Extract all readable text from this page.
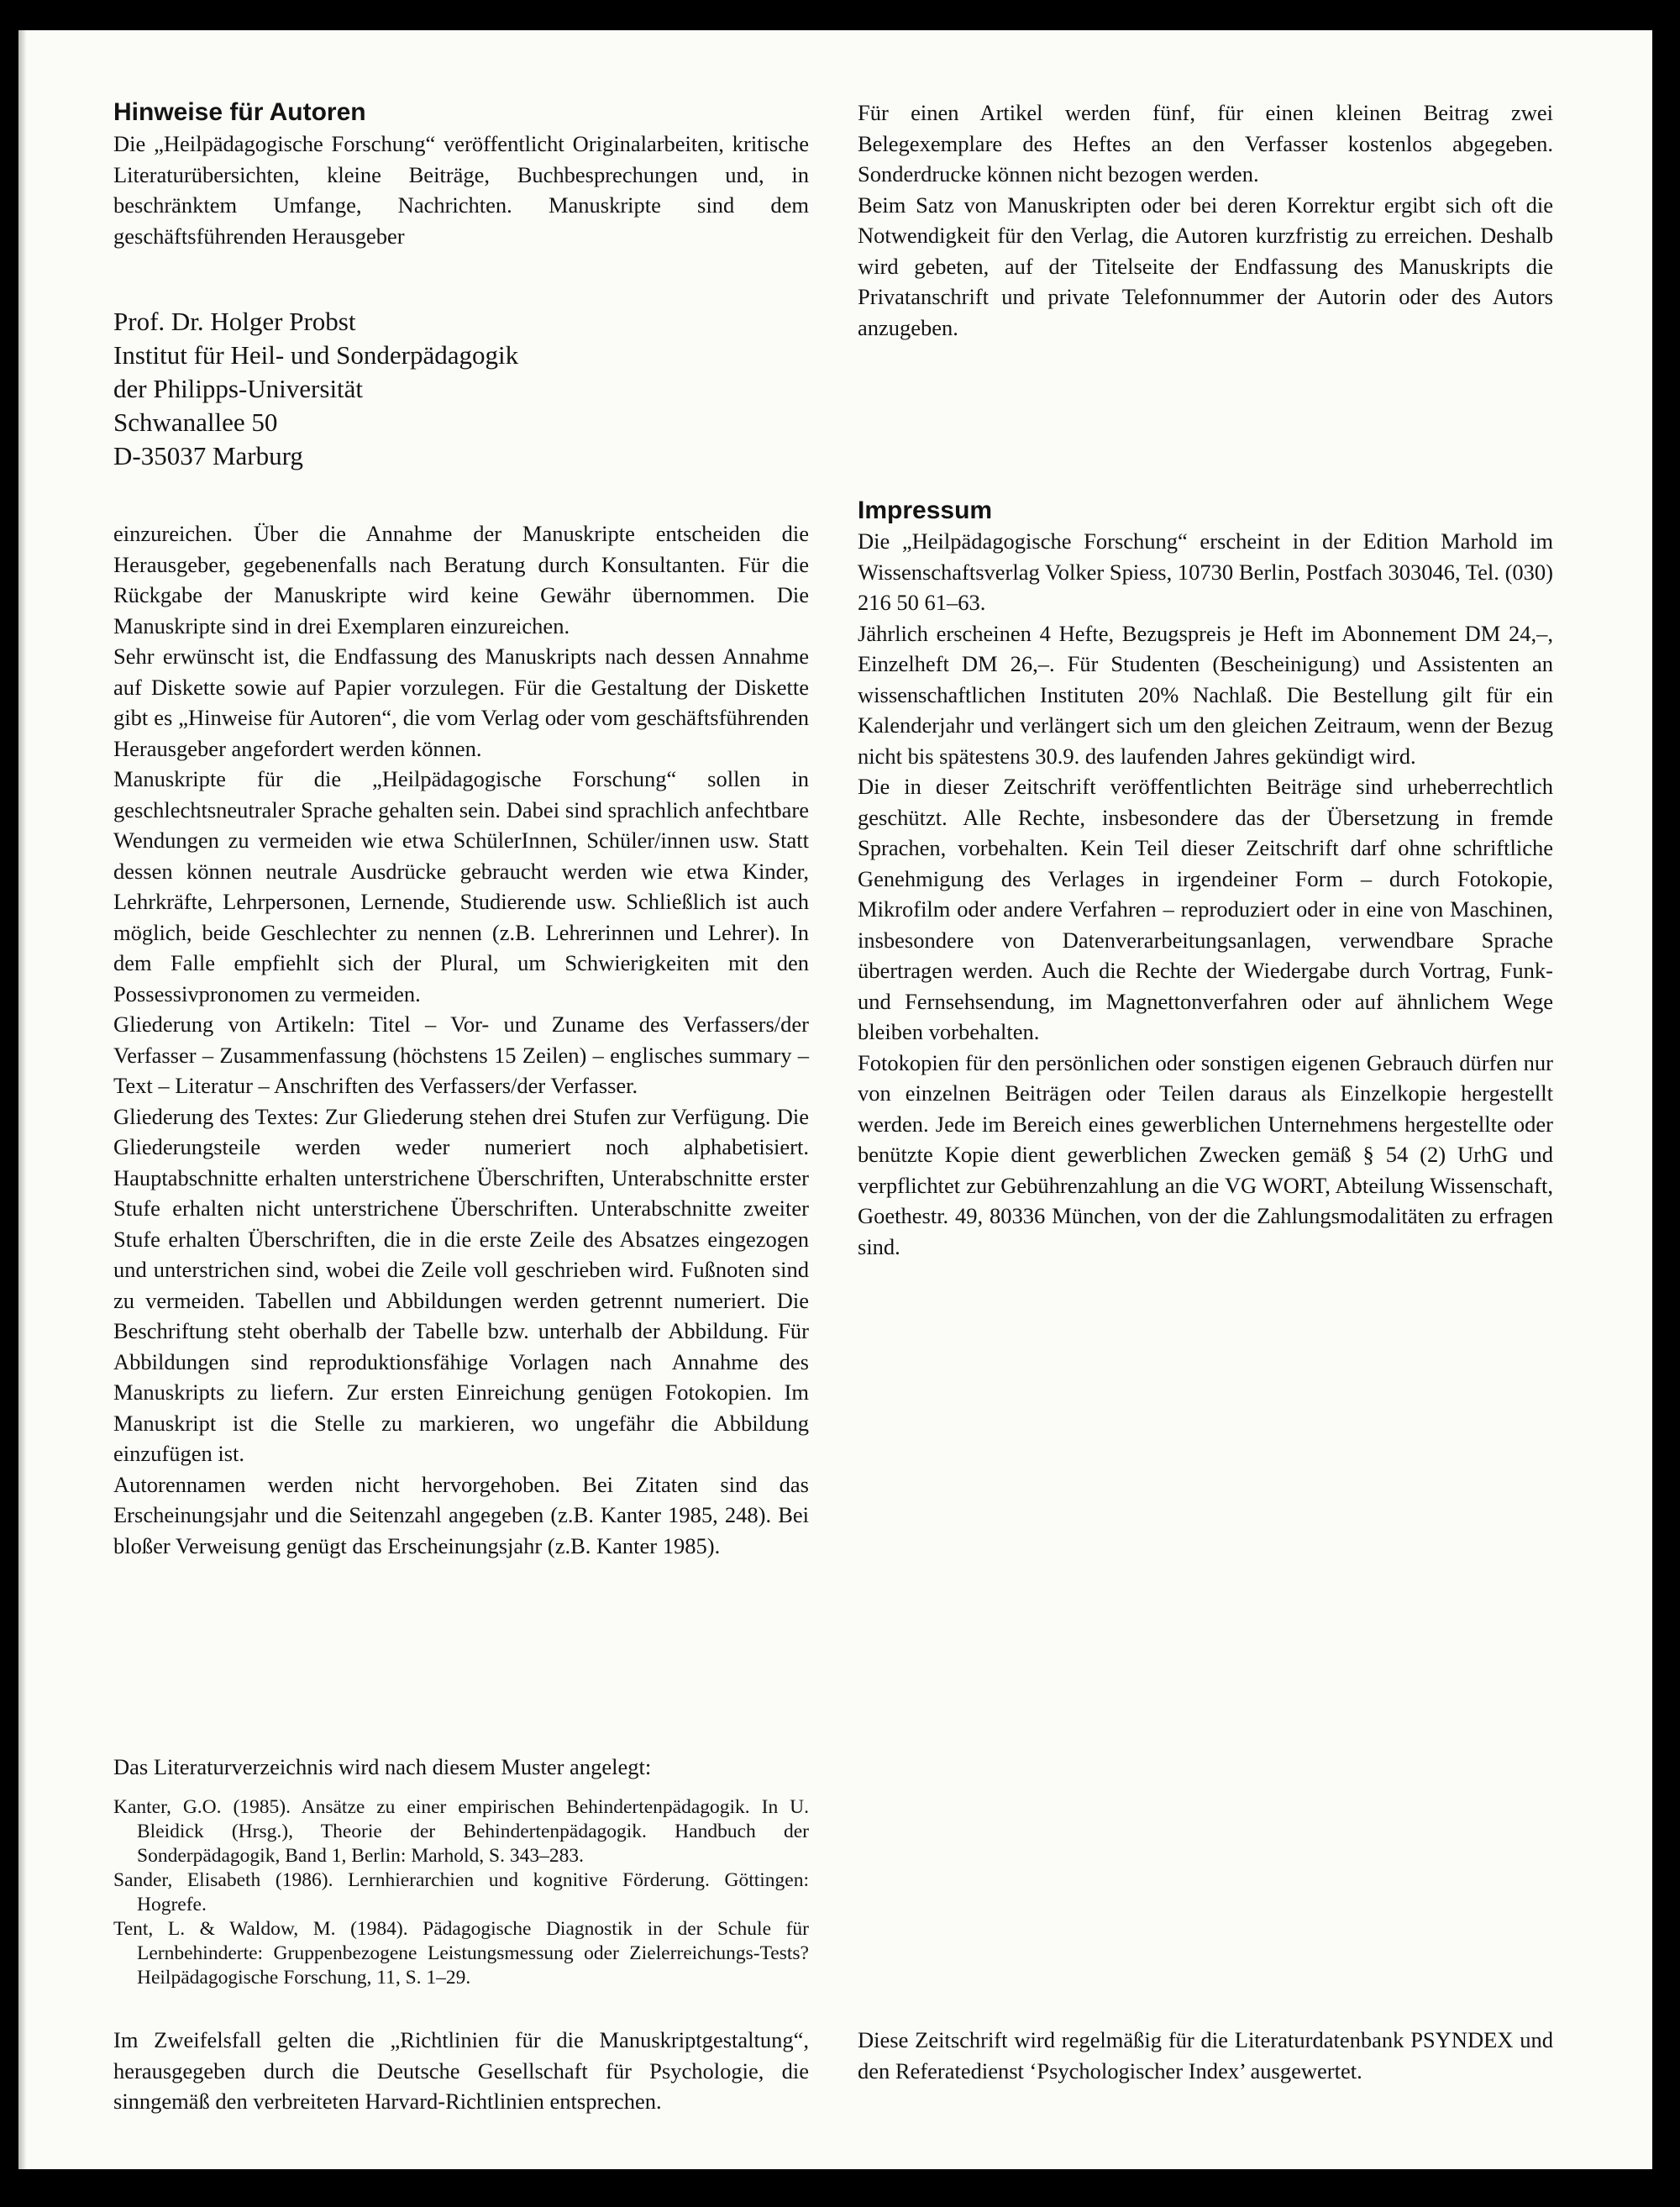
Hinweise für Autoren

Die „Heilpädagogische Forschung“ veröffentlicht Originalarbeiten, kritische Literaturübersichten, kleine Beiträge, Buchbesprechungen und, in beschränktem Umfange, Nachrichten. Manuskripte sind dem geschäftsführenden Herausgeber

Prof. Dr. Holger Probst
Institut für Heil- und Sonderpädagogik
der Philipps-Universität
Schwanallee 50
D-35037 Marburg

einzureichen. Über die Annahme der Manuskripte entscheiden die Herausgeber, gegebenenfalls nach Beratung durch Konsultanten. Für die Rückgabe der Manuskripte wird keine Gewähr übernommen. Die Manuskripte sind in drei Exemplaren einzureichen.

Sehr erwünscht ist, die Endfassung des Manuskripts nach dessen Annahme auf Diskette sowie auf Papier vorzulegen. Für die Gestaltung der Diskette gibt es „Hinweise für Autoren“, die vom Verlag oder vom geschäftsführenden Herausgeber angefordert werden können.

Manuskripte für die „Heilpädagogische Forschung“ sollen in geschlechtsneutraler Sprache gehalten sein. Dabei sind sprachlich anfechtbare Wendungen zu vermeiden wie etwa SchülerInnen, Schüler/innen usw. Statt dessen können neutrale Ausdrücke gebraucht werden wie etwa Kinder, Lehrkräfte, Lehrpersonen, Lernende, Studierende usw. Schließlich ist auch möglich, beide Geschlechter zu nennen (z.B. Lehrerinnen und Lehrer). In dem Falle empfiehlt sich der Plural, um Schwierigkeiten mit den Possessivpronomen zu vermeiden.

Gliederung von Artikeln: Titel – Vor- und Zuname des Verfassers/der Verfasser – Zusammenfassung (höchstens 15 Zeilen) – englisches summary – Text – Literatur – Anschriften des Verfassers/der Verfasser.

Gliederung des Textes: Zur Gliederung stehen drei Stufen zur Verfügung. Die Gliederungsteile werden weder numeriert noch alphabetisiert. Hauptabschnitte erhalten unterstrichene Überschriften, Unterabschnitte erster Stufe erhalten nicht unterstrichene Überschriften. Unterabschnitte zweiter Stufe erhalten Überschriften, die in die erste Zeile des Absatzes eingezogen und unterstrichen sind, wobei die Zeile voll geschrieben wird. Fußnoten sind zu vermeiden. Tabellen und Abbildungen werden getrennt numeriert. Die Beschriftung steht oberhalb der Tabelle bzw. unterhalb der Abbildung. Für Abbildungen sind reproduktionsfähige Vorlagen nach Annahme des Manuskripts zu liefern. Zur ersten Einreichung genügen Fotokopien. Im Manuskript ist die Stelle zu markieren, wo ungefähr die Abbildung einzufügen ist.

Autorennamen werden nicht hervorgehoben. Bei Zitaten sind das Erscheinungsjahr und die Seitenzahl angegeben (z.B. Kanter 1985, 248). Bei bloßer Verweisung genügt das Erscheinungsjahr (z.B. Kanter 1985).

Das Literaturverzeichnis wird nach diesem Muster angelegt:

Kanter, G.O. (1985). Ansätze zu einer empirischen Behindertenpädagogik. In U. Bleidick (Hrsg.), Theorie der Behindertenpädagogik. Handbuch der Sonderpädagogik, Band 1, Berlin: Marhold, S. 343–283.

Sander, Elisabeth (1986). Lernhierarchien und kognitive Förderung. Göttingen: Hogrefe.

Tent, L. & Waldow, M. (1984). Pädagogische Diagnostik in der Schule für Lernbehinderte: Gruppenbezogene Leistungsmessung oder Zielerreichungs-Tests? Heilpädagogische Forschung, 11, S. 1–29.

Im Zweifelsfall gelten die „Richtlinien für die Manuskriptgestaltung“, herausgegeben durch die Deutsche Gesellschaft für Psychologie, die sinngemäß den verbreiteten Harvard-Richtlinien entsprechen.

Für einen Artikel werden fünf, für einen kleinen Beitrag zwei Belegexemplare des Heftes an den Verfasser kostenlos abgegeben. Sonderdrucke können nicht bezogen werden.

Beim Satz von Manuskripten oder bei deren Korrektur ergibt sich oft die Notwendigkeit für den Verlag, die Autoren kurzfristig zu erreichen. Deshalb wird gebeten, auf der Titelseite der Endfassung des Manuskripts die Privatanschrift und private Telefonnummer der Autorin oder des Autors anzugeben.

Impressum

Die „Heilpädagogische Forschung“ erscheint in der Edition Marhold im Wissenschaftsverlag Volker Spiess, 10730 Berlin, Postfach 303046, Tel. (030) 216 50 61–63.

Jährlich erscheinen 4 Hefte, Bezugspreis je Heft im Abonnement DM 24,–, Einzelheft DM 26,–. Für Studenten (Bescheinigung) und Assistenten an wissenschaftlichen Instituten 20% Nachlaß. Die Bestellung gilt für ein Kalenderjahr und verlängert sich um den gleichen Zeitraum, wenn der Bezug nicht bis spätestens 30.9. des laufenden Jahres gekündigt wird.

Die in dieser Zeitschrift veröffentlichten Beiträge sind urheberrechtlich geschützt. Alle Rechte, insbesondere das der Übersetzung in fremde Sprachen, vorbehalten. Kein Teil dieser Zeitschrift darf ohne schriftliche Genehmigung des Verlages in irgendeiner Form – durch Fotokopie, Mikrofilm oder andere Verfahren – reproduziert oder in eine von Maschinen, insbesondere von Datenverarbeitungsanlagen, verwendbare Sprache übertragen werden. Auch die Rechte der Wiedergabe durch Vortrag, Funk- und Fernsehsendung, im Magnettonverfahren oder auf ähnlichem Wege bleiben vorbehalten.

Fotokopien für den persönlichen oder sonstigen eigenen Gebrauch dürfen nur von einzelnen Beiträgen oder Teilen daraus als Einzelkopie hergestellt werden. Jede im Bereich eines gewerblichen Unternehmens hergestellte oder benützte Kopie dient gewerblichen Zwecken gemäß § 54 (2) UrhG und verpflichtet zur Gebührenzahlung an die VG WORT, Abteilung Wissenschaft, Goethestr. 49, 80336 München, von der die Zahlungsmodalitäten zu erfragen sind.

Diese Zeitschrift wird regelmäßig für die Literaturdatenbank PSYNDEX und den Referatedienst ‘Psychologischer Index’ ausgewertet.
